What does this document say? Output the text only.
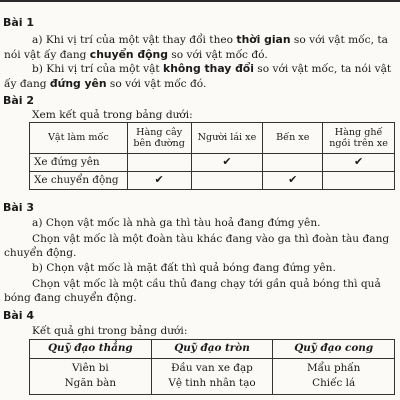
Bài 1

a) Khi vị trí của một vật thay đổi theo thời gian so với vật mốc, ta nói vật ấy đang chuyển động so với vật mốc đó.

b) Khi vị trí của một vật không thay đổi so với vật mốc, ta nói vật ấy đang đứng yên so với vật mốc đó.

Bài 2

Xem kết quả trong bảng dưới:

Vật làm mốc	Hàng cây bên đường	Người lái xe	Bến xe	Hàng ghế ngồi trên xe
Xe đứng yên		✔		✔
Xe chuyển động	✔		✔	
Bài 3

a) Chọn vật mốc là nhà ga thì tàu hoả đang đứng yên.

Chọn vật mốc là một đoàn tàu khác đang vào ga thì đoàn tàu đang chuyển động.

b) Chọn vật mốc là mặt đất thì quả bóng đang đứng yên.

Chọn vật mốc là một cầu thủ đang chạy tới gần quả bóng thì quả bóng đang chuyển động.

Bài 4

Kết quả ghi trong bảng dưới:

Quỹ đạo thẳng	Quỹ đạo tròn	Quỹ đạo cong
Viên bi	Đầu van xe đạp	Mẩu phấn
Ngăn bàn	Vệ tinh nhân tạo	Chiếc lá
